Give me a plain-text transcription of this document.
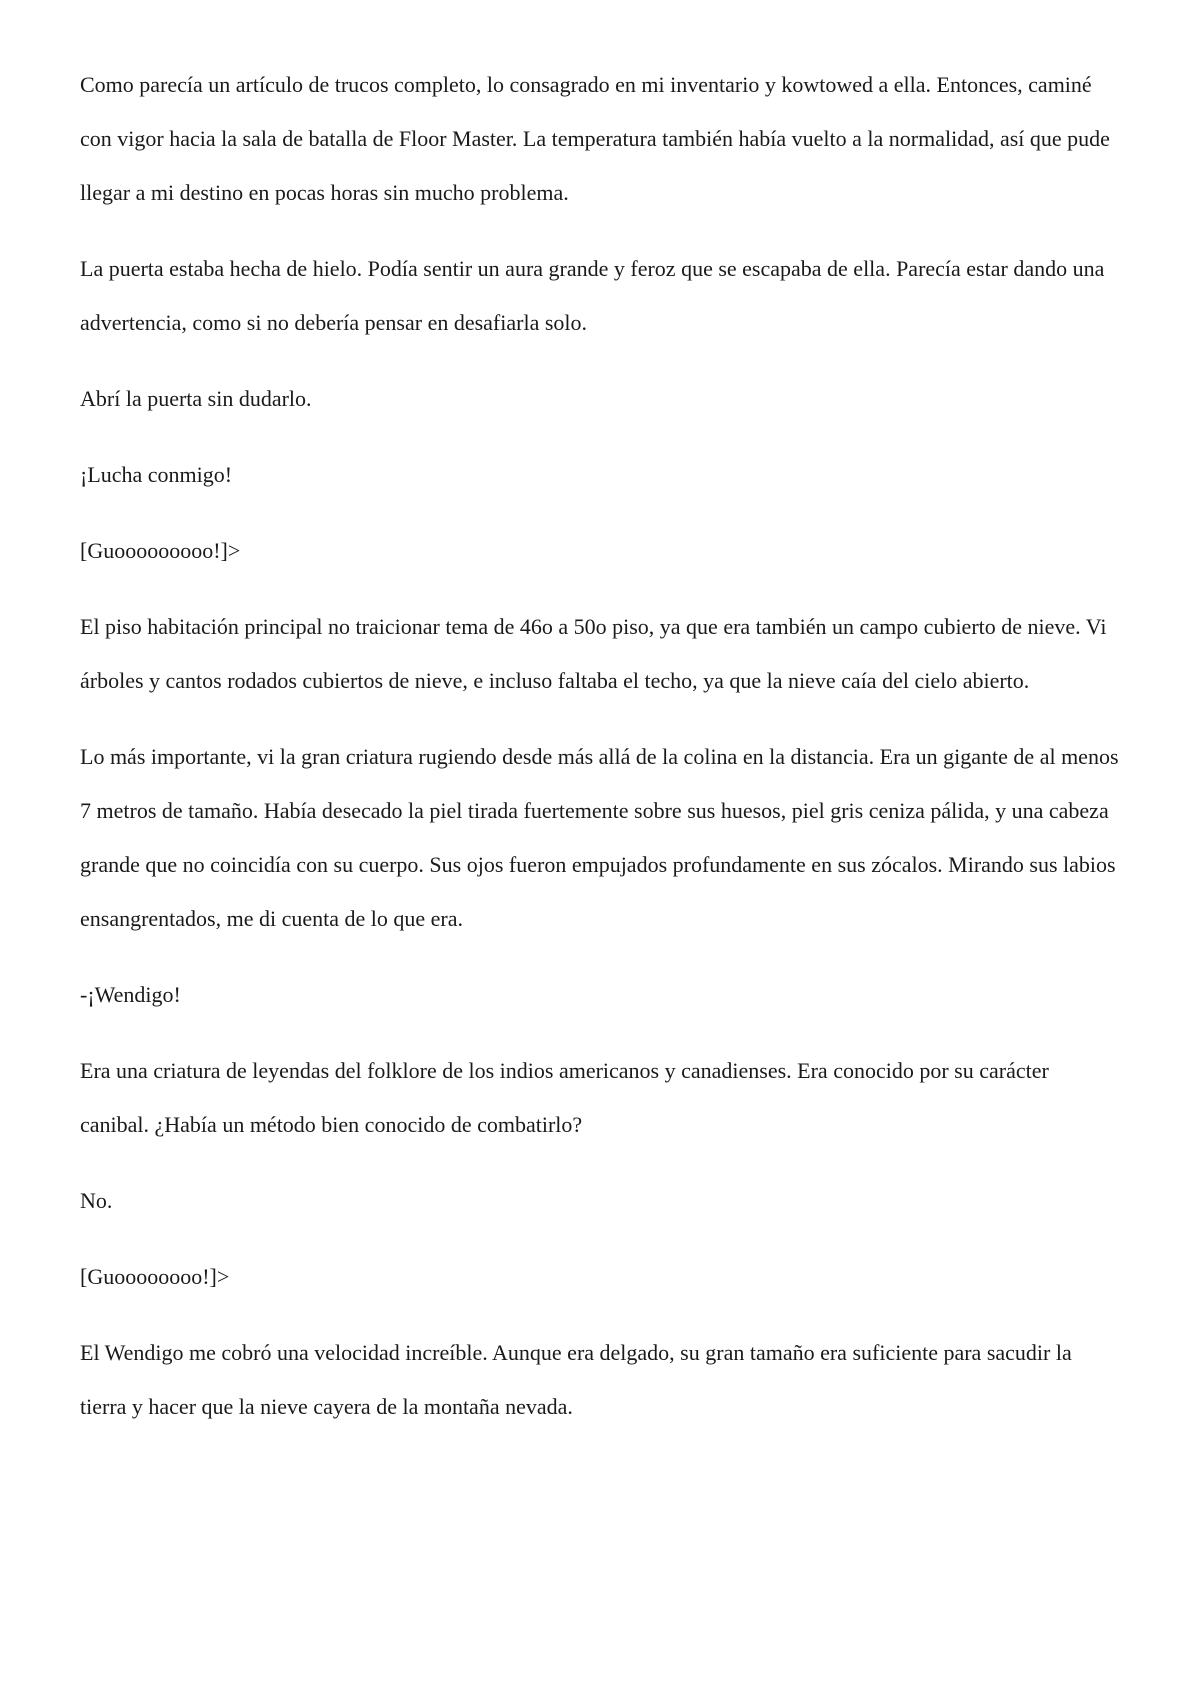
Como parecía un artículo de trucos completo, lo consagrado en mi inventario y kowtowed a ella. Entonces, caminé con vigor hacia la sala de batalla de Floor Master. La temperatura también había vuelto a la normalidad, así que pude llegar a mi destino en pocas horas sin mucho problema.

La puerta estaba hecha de hielo. Podía sentir un aura grande y feroz que se escapaba de ella. Parecía estar dando una advertencia, como si no debería pensar en desafiarla solo.

Abrí la puerta sin dudarlo.

¡Lucha conmigo!

[Guooooooooo!]>

El piso habitación principal no traicionar tema de 46o a 50o piso, ya que era también un campo cubierto de nieve. Vi árboles y cantos rodados cubiertos de nieve, e incluso faltaba el techo, ya que la nieve caía del cielo abierto.

Lo más importante, vi la gran criatura rugiendo desde más allá de la colina en la distancia. Era un gigante de al menos 7 metros de tamaño. Había desecado la piel tirada fuertemente sobre sus huesos, piel gris ceniza pálida, y una cabeza grande que no coincidía con su cuerpo. Sus ojos fueron empujados profundamente en sus zócalos. Mirando sus labios ensangrentados, me di cuenta de lo que era.

-¡Wendigo!

Era una criatura de leyendas del folklore de los indios americanos y canadienses. Era conocido por su carácter canibal. ¿Había un método bien conocido de combatirlo?

No.

[Guoooooooo!]>

El Wendigo me cobró una velocidad increíble. Aunque era delgado, su gran tamaño era suficiente para sacudir la tierra y hacer que la nieve cayera de la montaña nevada.
